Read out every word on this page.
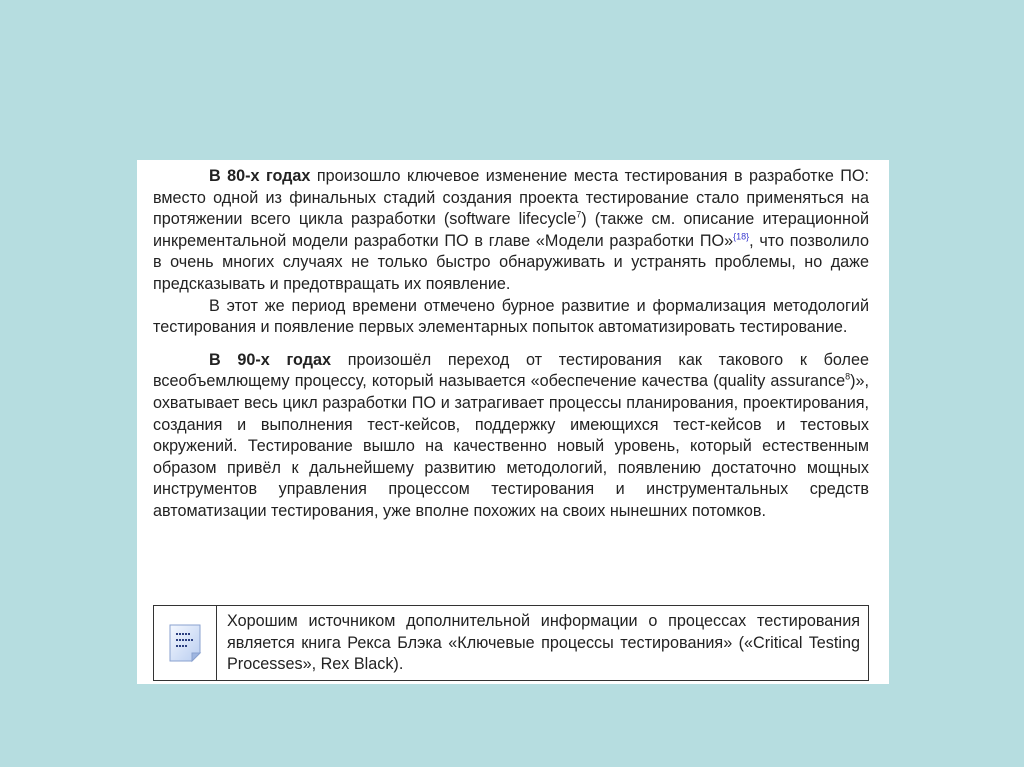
В 80-х годах произошло ключевое изменение места тестирования в разработке ПО: вместо одной из финальных стадий создания проекта тестирование стало применяться на протяжении всего цикла разработки (software lifecycle$^7$) (также см. описание итерационной инкрементальной модели разработки ПО в главе «Модели разработки ПО»$^{\{18\}}$, что позволило в очень многих случаях не только быстро обнаруживать и устранять проблемы, но даже предсказывать и предотвращать их появление.

В этот же период времени отмечено бурное развитие и формализация методологий тестирования и появление первых элементарных попыток автоматизировать тестирование.

В 90-х годах произошёл переход от тестирования как такового к более всеобъемлющему процессу, который называется «обеспечение качества (quality assurance$^8$)», охватывает весь цикл разработки ПО и затрагивает процессы планирования, проектирования, создания и выполнения тест-кейсов, поддержку имеющихся тест-кейсов и тестовых окружений. Тестирование вышло на качественно новый уровень, который естественным образом привёл к дальнейшему развитию методологий, появлению достаточно мощных инструментов управления процессом тестирования и инструментальных средств автоматизации тестирования, уже вполне похожих на своих нынешних потомков.

Хорошим источником дополнительной информации о процессах тестирования является книга Рекса Блэка «Ключевые процессы тестирования» («Critical Testing Processes», Rex Black).
